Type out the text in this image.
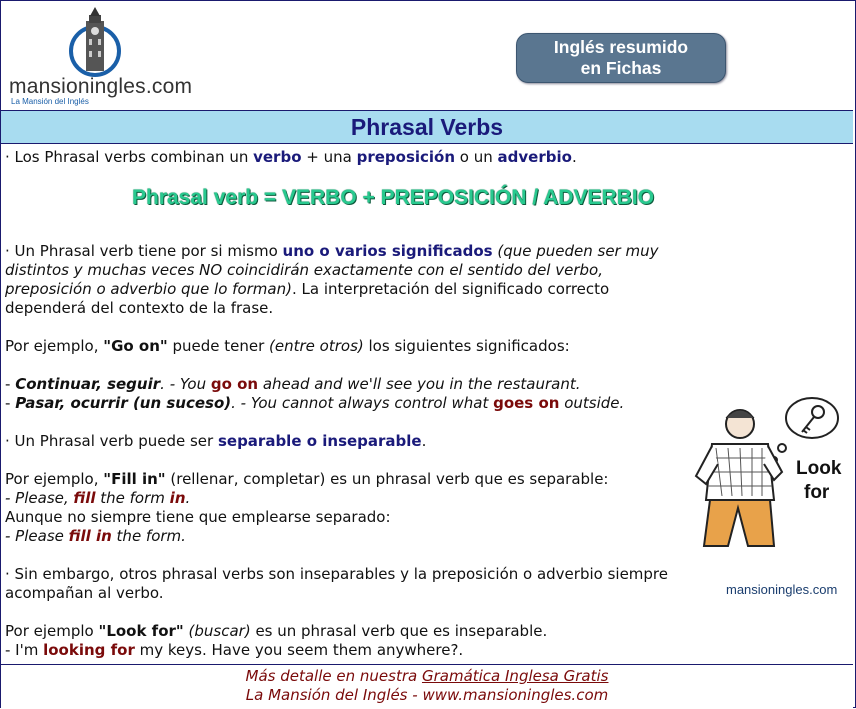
mansioningles.com
La Mansión del Inglés
Inglés resumido
en Fichas
Phrasal Verbs

· Los Phrasal verbs combinan un verbo + una preposición o un adverbio.

· Un Phrasal verb tiene por si mismo uno o varios significados (que pueden ser muy distintos y muchas veces NO coincidirán exactamente con el sentido del verbo, preposición o adverbio que lo forman). La interpretación del significado correcto dependerá del contexto de la frase.

Por ejemplo, "Go on" puede tener (entre otros) los siguientes significados:

- Continuar, seguir. - You go on ahead and we'll see you in the restaurant.

- Pasar, ocurrir (un suceso). - You cannot always control what goes on outside.

· Un Phrasal verb puede ser separable o inseparable.

Por ejemplo, "Fill in" (rellenar, completar) es un phrasal verb que es separable:

- Please, fill the form in.

Aunque no siempre tiene que emplearse separado:

- Please fill in the form.

· Sin embargo, otros phrasal verbs son inseparables y la preposición o adverbio siempre acompañan al verbo.

Por ejemplo "Look for" (buscar) es un phrasal verb que es inseparable.

- I'm looking for my keys. Have you seem them anywhere?.

Phrasal verb = VERBO + PREPOSICIÓN / ADVERBIO
Look
for
mansioningles.com
Más detalle en nuestra Gramática Inglesa Gratis
La Mansión del Inglés - www.mansioningles.com
